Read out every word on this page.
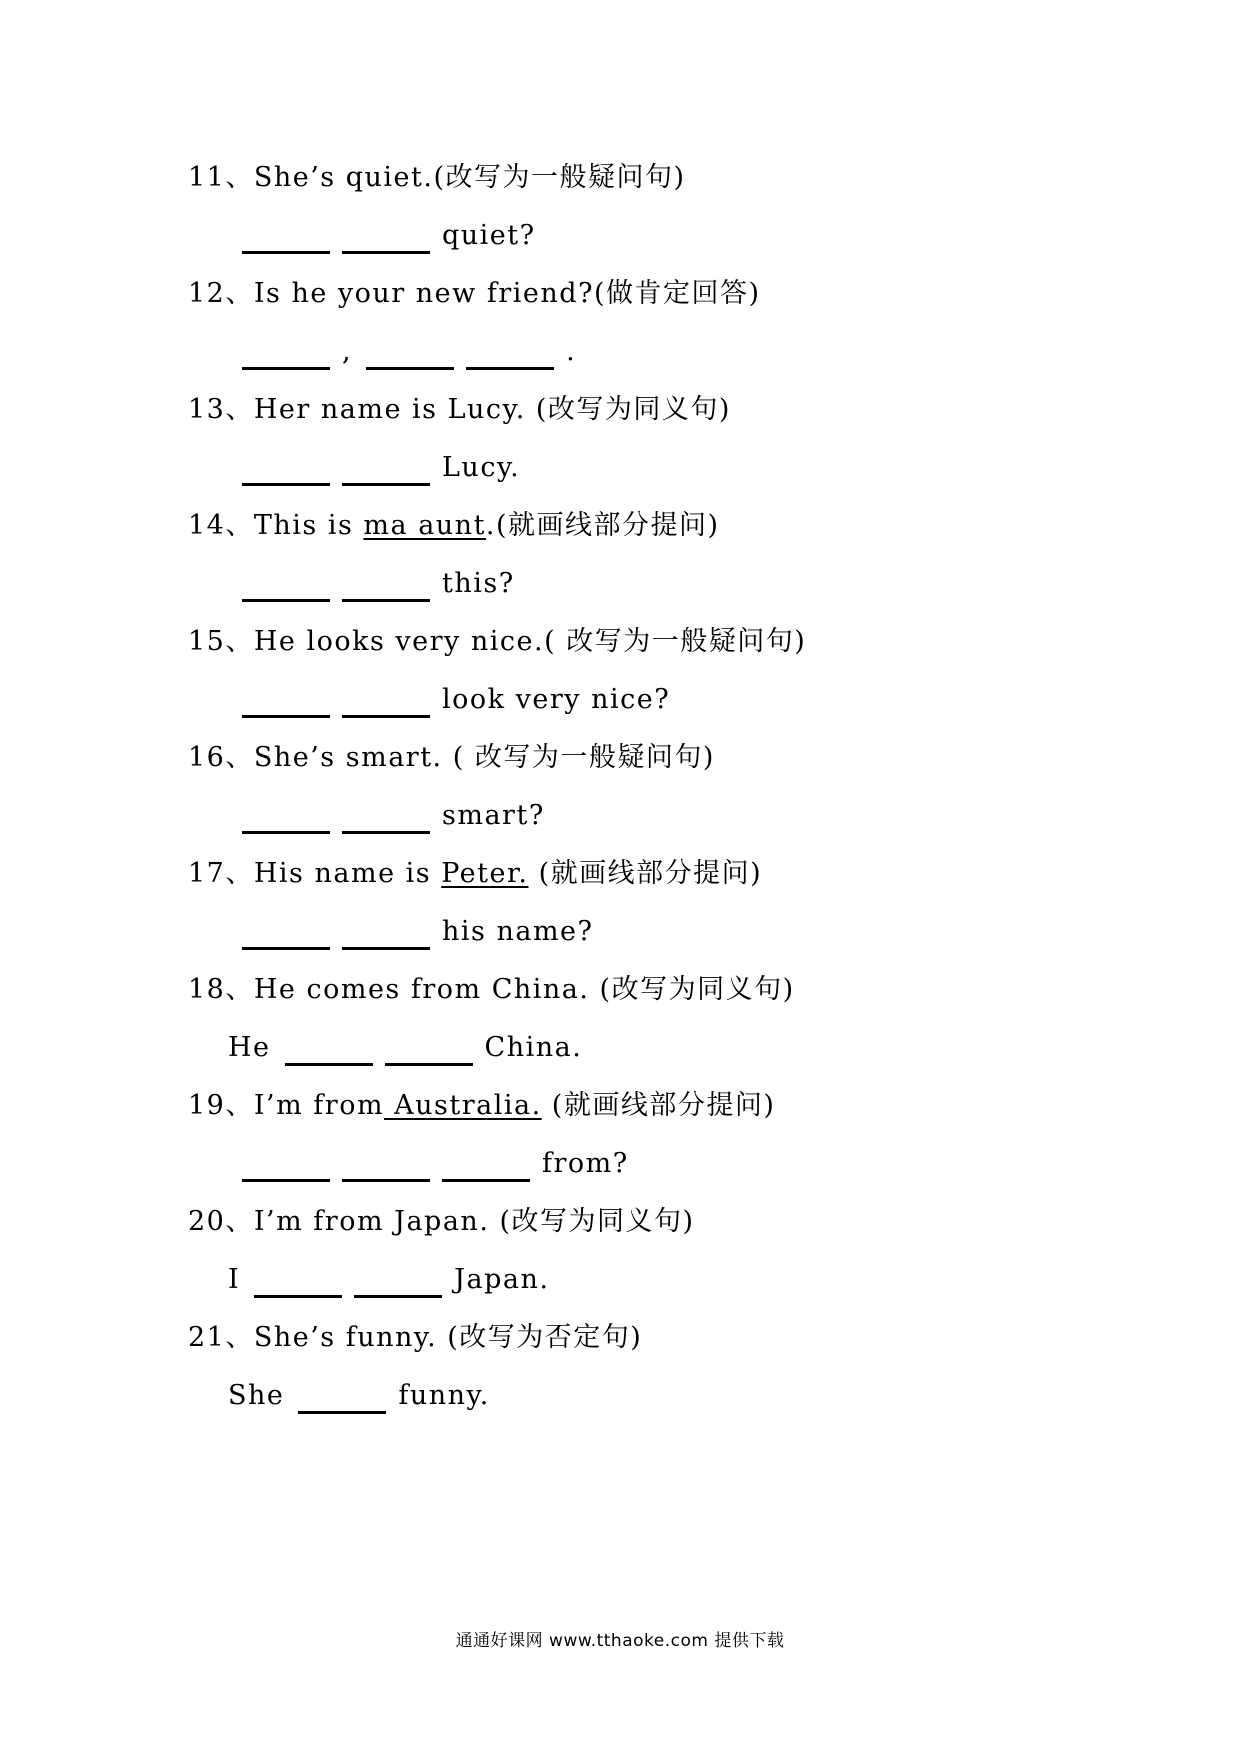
11、She’s quiet.(改写为一般疑问句)
quiet?
12、Is he your new friend?(做肯定回答)
,	.
13、Her name is Lucy. (改写为同义句)
Lucy.
14、This is ma aunt.(就画线部分提问)
this?
15、He looks very nice.( 改写为一般疑问句)
look very nice?
16、She’s smart. ( 改写为一般疑问句)
smart?
17、His name is Peter. (就画线部分提问)
his name?
18、He comes from China. (改写为同义句)
He	China.
19、I’m from Australia. (就画线部分提问)
from?
20、I’m from Japan. (改写为同义句)
I	Japan.
21、She’s funny. (改写为否定句)
She	funny.
通通好课网 www.tthaoke.com 提供下载
